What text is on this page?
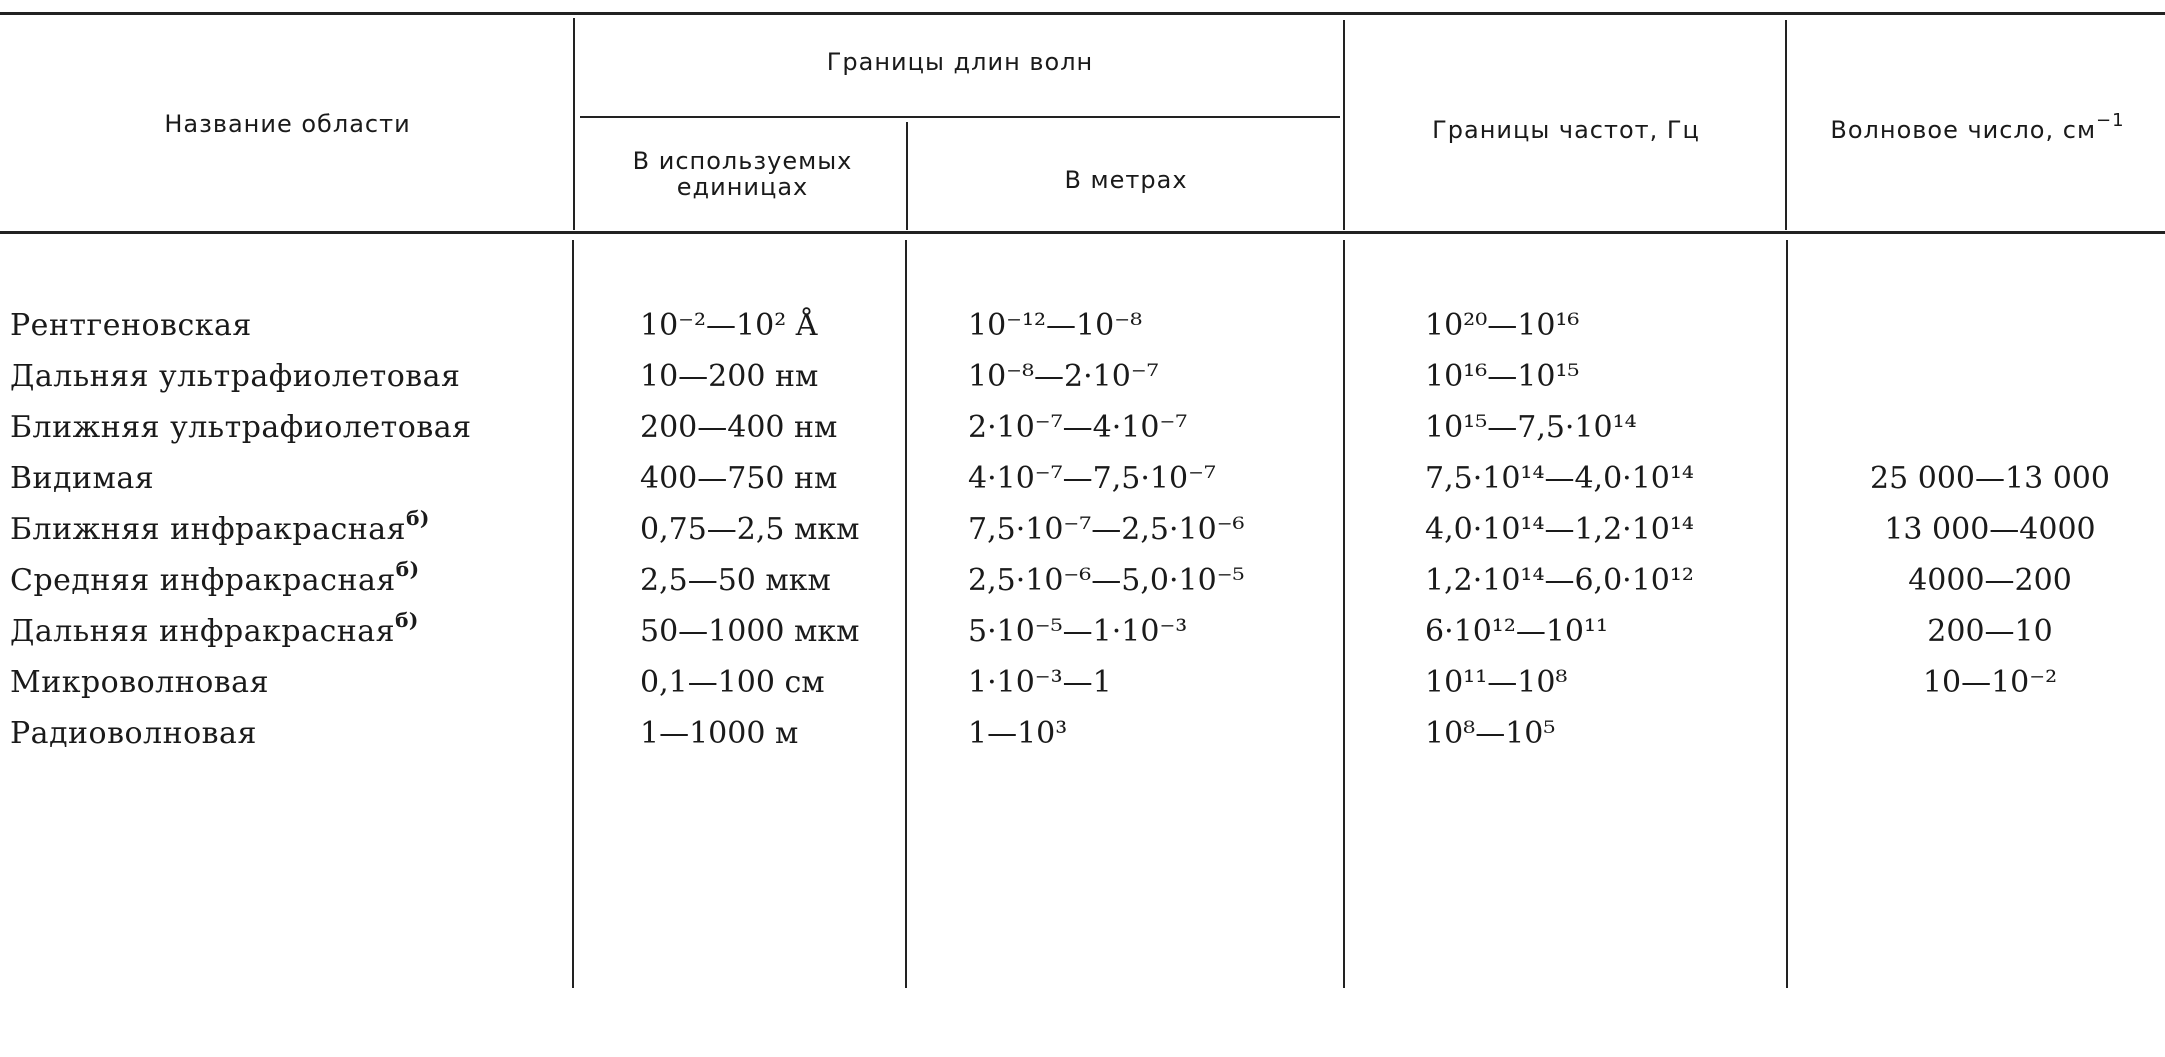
Название области
Границы длин волн
В используемых единицах	В метрах
Границы частот, Гц	Волновое число, $см^{-1}$
Рентгеновская	10⁻²—10² Å	10⁻¹²—10⁻⁸	10²⁰—10¹⁶
Дальняя ультрафиолетовая	10—200 нм	10⁻⁸—2·10⁻⁷	10¹⁶—10¹⁵
Ближняя ультрафиолетовая	200—400 нм	2·10⁻⁷—4·10⁻⁷	10¹⁵—7,5·10¹⁴
Видимая	400—750 нм	4·10⁻⁷—7,5·10⁻⁷	7,5·10¹⁴—4,0·10¹⁴	25 000—13 000
Ближняя инфракрасная$^{б)}$	0,75—2,5 мкм	7,5·10⁻⁷—2,5·10⁻⁶	4,0·10¹⁴—1,2·10¹⁴	13 000—4000
Средняя инфракрасная$^{б)}$	2,5—50 мкм	2,5·10⁻⁶—5,0·10⁻⁵	1,2·10¹⁴—6,0·10¹²	4000—200
Дальняя инфракрасная$^{б)}$	50—1000 мкм	5·10⁻⁵—1·10⁻³	6·10¹²—10¹¹	200—10
Микроволновая	0,1—100 см	1·10⁻³—1	10¹¹—10⁸	10—10⁻²
Радиоволновая	1—1000 м	1—10³	10⁸—10⁵
